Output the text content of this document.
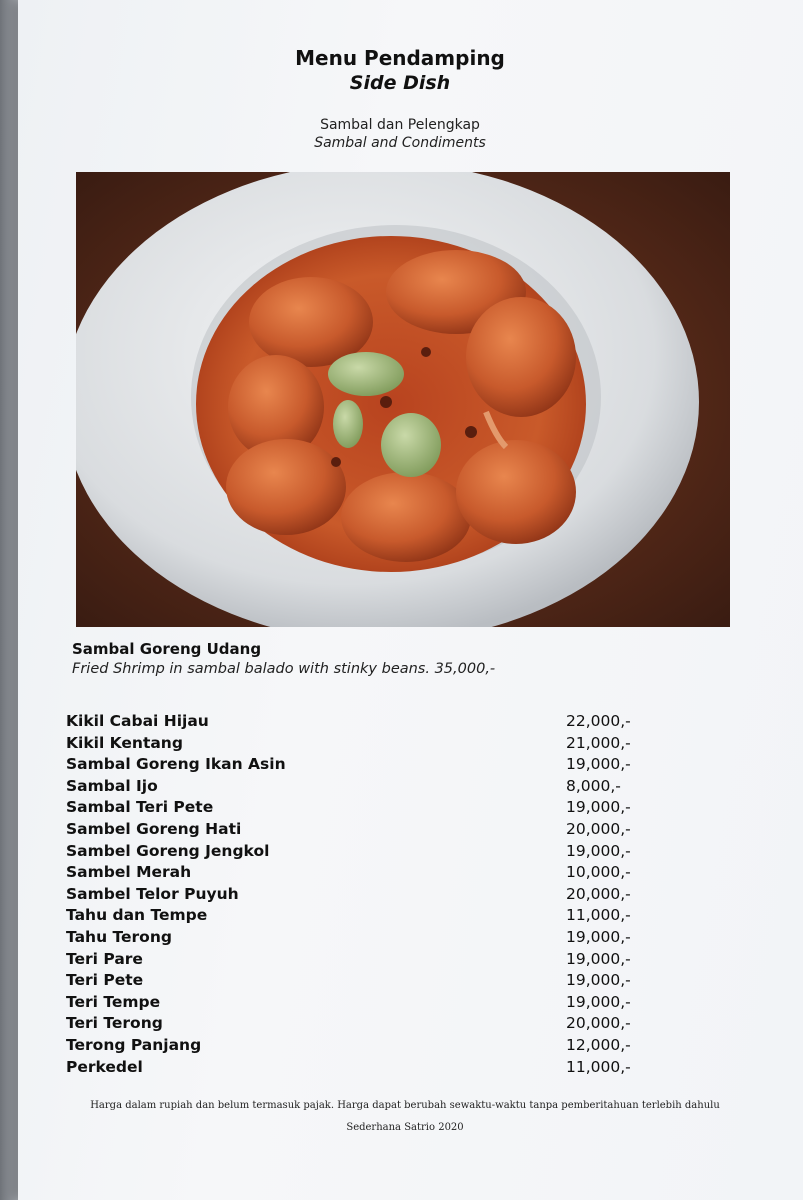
Menu Pendamping
Side Dish
Sambal dan Pelengkap
Sambal and Condiments
Sambal Goreng Udang
Fried Shrimp in sambal balado with stinky beans. 35,000,-
Kikil Cabai Hijau	22,000,-
Kikil Kentang	21,000,-
Sambal Goreng Ikan Asin	19,000,-
Sambal Ijo	8,000,-
Sambal Teri Pete	19,000,-
Sambel Goreng Hati	20,000,-
Sambel Goreng Jengkol	19,000,-
Sambel Merah	10,000,-
Sambel Telor Puyuh	20,000,-
Tahu dan Tempe	11,000,-
Tahu Terong	19,000,-
Teri Pare	19,000,-
Teri Pete	19,000,-
Teri Tempe	19,000,-
Teri Terong	20,000,-
Terong Panjang	12,000,-
Perkedel	11,000,-
Harga dalam rupiah dan belum termasuk pajak. Harga dapat berubah sewaktu-waktu tanpa pemberitahuan terlebih dahulu
Sederhana Satrio 2020
